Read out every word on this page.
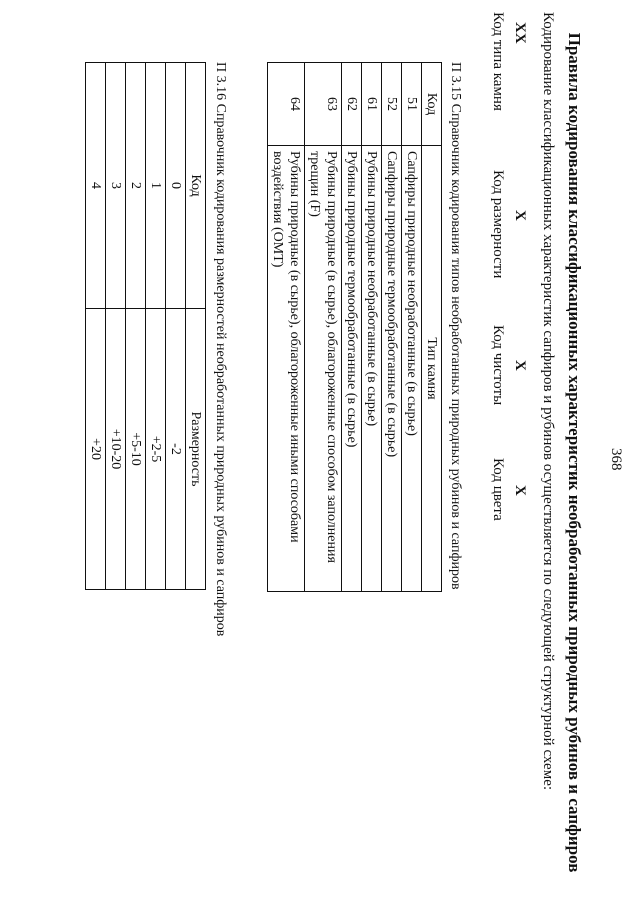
368
Правила кодирования классификационных характеристик необработанных природных рубинов и сапфиров
Кодирование классификационных характеристик сапфиров и рубинов осуществляется по следующей структурной схеме:
XX
X
X
X
Код типа камня
Код размерности
Код чистоты
Код цвета
П 3.15 Справочник кодирования типов необработанных природных рубинов и сапфиров
Код	Тип камня
51	Сапфиры природные необработанные (в сырье)
52	Сапфиры природные термообработанные (в сырье)
61	Рубины природные необработанные (в сырье)
62	Рубины природные термообработанные (в сырье)
63	Рубины природные (в сырье), облагороженные способом заполнения трещин (F)
64	Рубины природные (в сырье), облагороженные иными способами воздействия (OMT)
П 3.16 Справочник кодирования размерностей необработанных природных рубинов и сапфиров
Код	Размерность
0	-2
1	+2-5
2	+5-10
3	+10-20
4	+20
